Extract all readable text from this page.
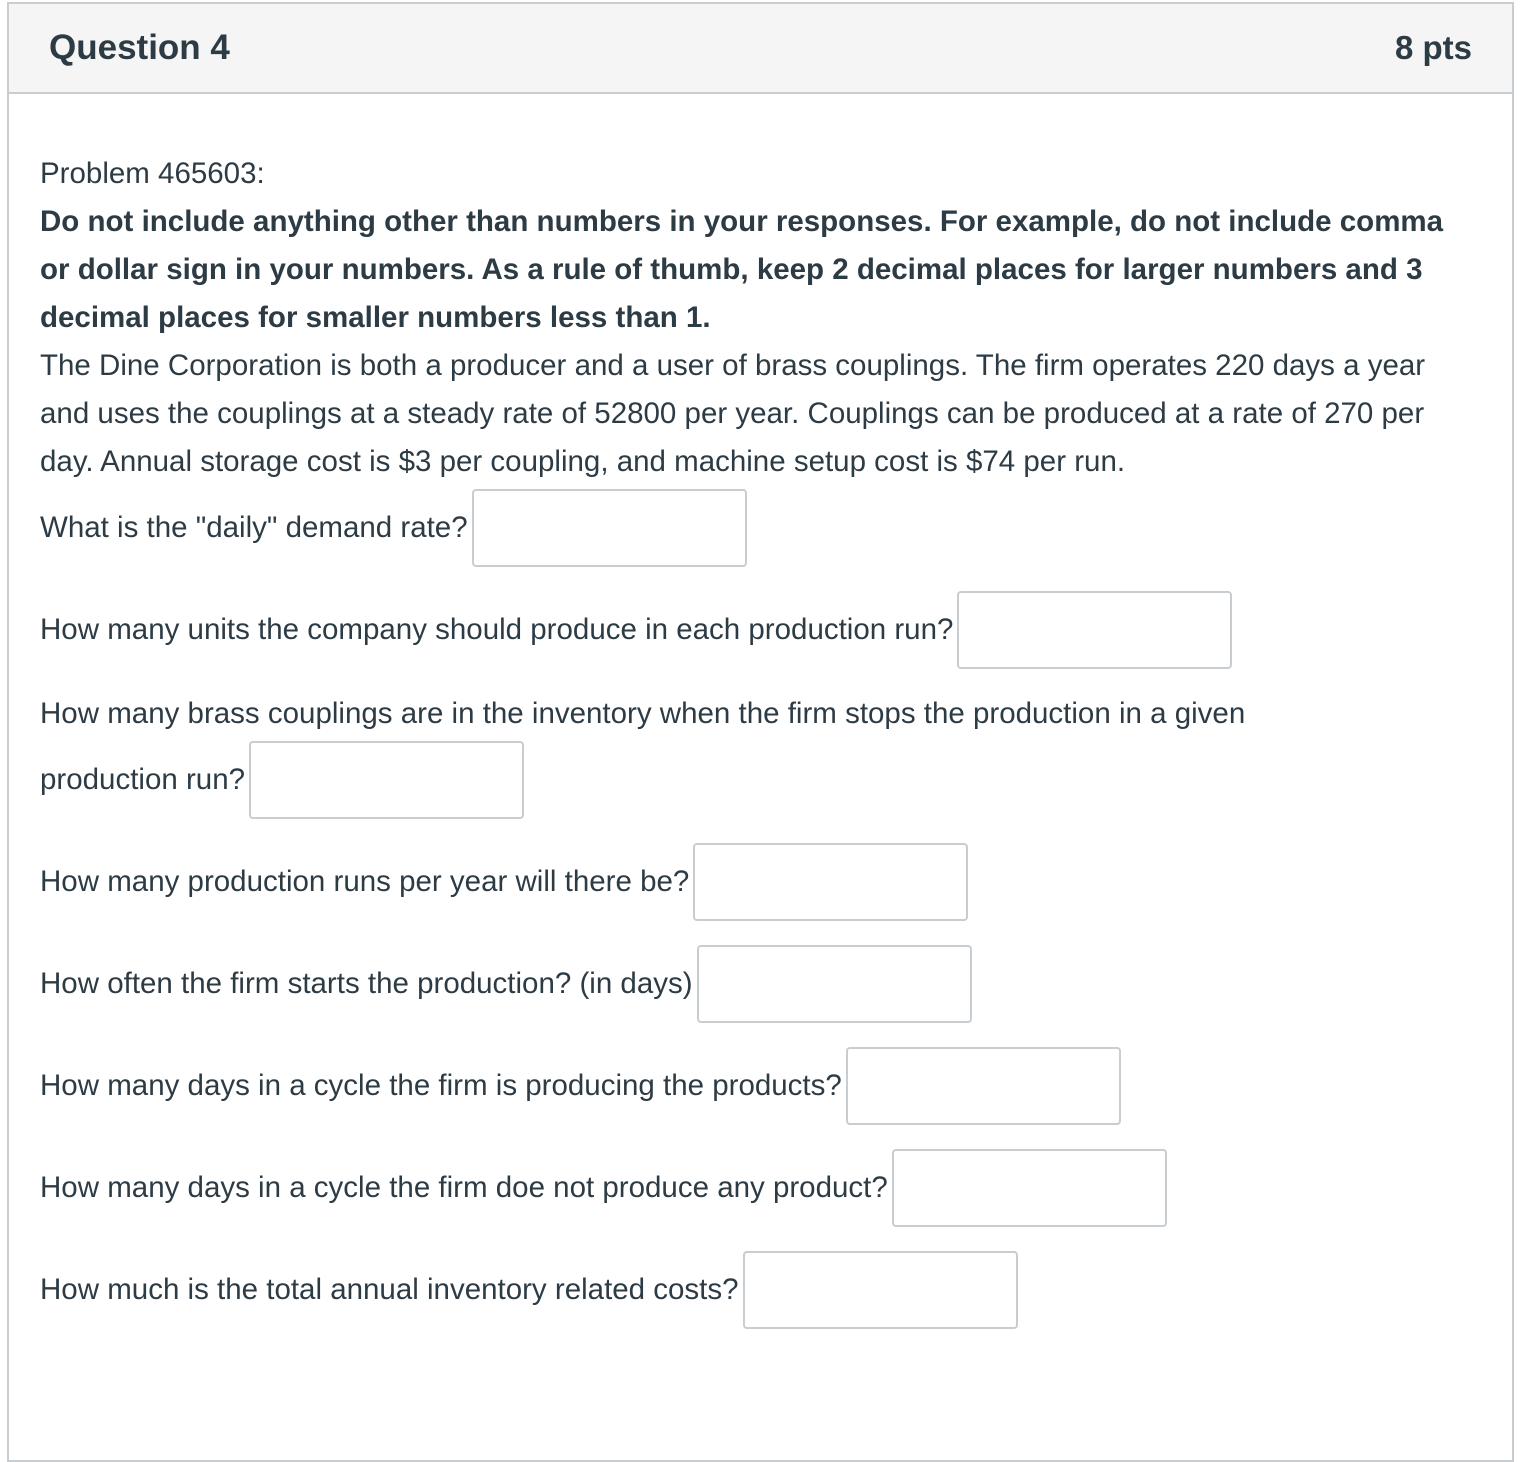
Question 4	8 pts

Problem 465603:

Do not include anything other than numbers in your responses. For example, do not include comma or dollar sign in your numbers. As a rule of thumb, keep 2 decimal places for larger numbers and 3 decimal places for smaller numbers less than 1.

The Dine Corporation is both a producer and a user of brass couplings. The firm operates 220 days a year and uses the couplings at a steady rate of 52800 per year. Couplings can be produced at a rate of 270 per day. Annual storage cost is $3 per coupling, and machine setup cost is $74 per run.

What is the "daily" demand rate?
How many units the company should produce in each production run?
How many brass couplings are in the inventory when the firm stops the production in a given
production run?
How many production runs per year will there be?
How often the firm starts the production? (in days)
How many days in a cycle the firm is producing the products?
How many days in a cycle the firm doe not produce any product?
How much is the total annual inventory related costs?
